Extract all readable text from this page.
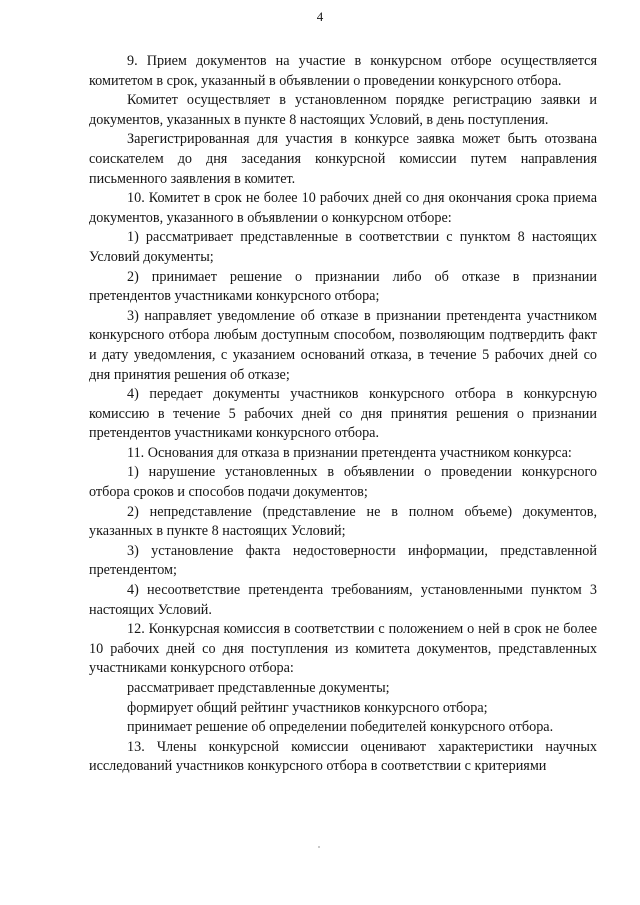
4

9. Прием документов на участие в конкурсном отборе осуществляется комитетом в срок, указанный в объявлении о проведении конкурсного отбора.

Комитет осуществляет в установленном порядке регистрацию заявки и документов, указанных в пункте 8 настоящих Условий, в день поступления.

Зарегистрированная для участия в конкурсе заявка может быть отозвана соискателем до дня заседания конкурсной комиссии путем направления письменного заявления в комитет.

10. Комитет в срок не более 10 рабочих дней со дня окончания срока приема документов, указанного в объявлении о конкурсном отборе:

1) рассматривает представленные в соответствии с пунктом 8 настоящих Условий документы;

2) принимает решение о признании либо об отказе в признании претендентов участниками конкурсного отбора;

3) направляет уведомление об отказе в признании претендента участником конкурсного отбора любым доступным способом, позволяющим подтвердить факт и дату уведомления, с указанием оснований отказа, в течение 5 рабочих дней со дня принятия решения об отказе;

4) передает документы участников конкурсного отбора в конкурсную комиссию в течение 5 рабочих дней со дня принятия решения о признании претендентов участниками конкурсного отбора.

11. Основания для отказа в признании претендента участником конкурса:

1) нарушение установленных в объявлении о проведении конкурсного отбора сроков и способов подачи документов;

2) непредставление (представление не в полном объеме) документов, указанных в пункте 8 настоящих Условий;

3) установление факта недостоверности информации, представленной претендентом;

4) несоответствие претендента требованиям, установленными пунктом 3 настоящих Условий.

12. Конкурсная комиссия в соответствии с положением о ней в срок не более 10 рабочих дней со дня поступления из комитета документов, представленных участниками конкурсного отбора:

рассматривает представленные документы;

формирует общий рейтинг участников конкурсного отбора;

принимает решение об определении победителей конкурсного отбора.

13. Члены конкурсной комиссии оценивают характеристики научных исследований участников конкурсного отбора в соответствии с критериями
